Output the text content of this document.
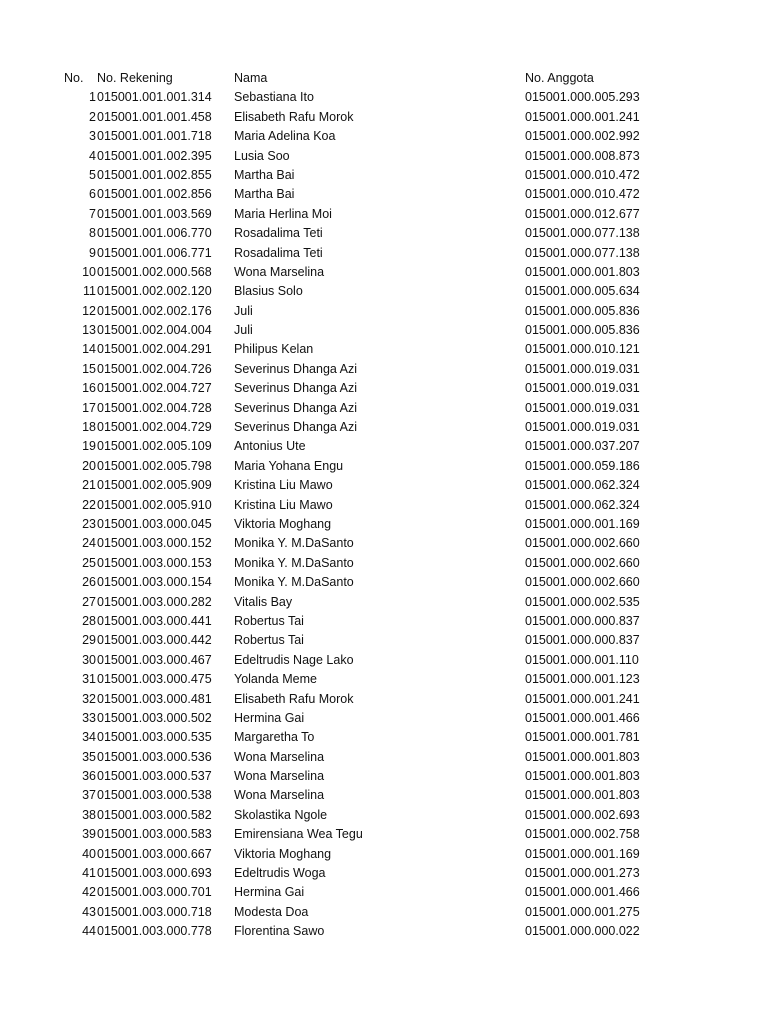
No.	No. Rekening	Nama	No. Anggota
1 015001.001.001.314 Sebastiana Ito	015001.000.005.293
2 015001.001.001.458 Elisabeth Rafu Morok	015001.000.001.241
3 015001.001.001.718 Maria Adelina Koa	015001.000.002.992
4 015001.001.002.395 Lusia Soo	015001.000.008.873
5 015001.001.002.855 Martha Bai	015001.000.010.472
6 015001.001.002.856 Martha Bai	015001.000.010.472
7 015001.001.003.569 Maria Herlina Moi	015001.000.012.677
8 015001.001.006.770 Rosadalima Teti	015001.000.077.138
9 015001.001.006.771 Rosadalima Teti	015001.000.077.138
10 015001.002.000.568 Wona Marselina	015001.000.001.803
11 015001.002.002.120 Blasius Solo	015001.000.005.634
12 015001.002.002.176 Juli	015001.000.005.836
13 015001.002.004.004 Juli	015001.000.005.836
14 015001.002.004.291 Philipus Kelan	015001.000.010.121
15 015001.002.004.726 Severinus Dhanga Azi	015001.000.019.031
16 015001.002.004.727 Severinus Dhanga Azi	015001.000.019.031
17 015001.002.004.728 Severinus Dhanga Azi	015001.000.019.031
18 015001.002.004.729 Severinus Dhanga Azi	015001.000.019.031
19 015001.002.005.109 Antonius Ute	015001.000.037.207
20 015001.002.005.798 Maria Yohana Engu	015001.000.059.186
21 015001.002.005.909 Kristina Liu Mawo	015001.000.062.324
22 015001.002.005.910 Kristina Liu Mawo	015001.000.062.324
23 015001.003.000.045 Viktoria Moghang	015001.000.001.169
24 015001.003.000.152 Monika Y. M.DaSanto	015001.000.002.660
25 015001.003.000.153 Monika Y. M.DaSanto	015001.000.002.660
26 015001.003.000.154 Monika Y. M.DaSanto	015001.000.002.660
27 015001.003.000.282 Vitalis Bay	015001.000.002.535
28 015001.003.000.441 Robertus Tai	015001.000.000.837
29 015001.003.000.442 Robertus Tai	015001.000.000.837
30 015001.003.000.467 Edeltrudis Nage Lako	015001.000.001.110
31 015001.003.000.475 Yolanda Meme	015001.000.001.123
32 015001.003.000.481 Elisabeth Rafu Morok	015001.000.001.241
33 015001.003.000.502 Hermina Gai	015001.000.001.466
34 015001.003.000.535 Margaretha To	015001.000.001.781
35 015001.003.000.536 Wona Marselina	015001.000.001.803
36 015001.003.000.537 Wona Marselina	015001.000.001.803
37 015001.003.000.538 Wona Marselina	015001.000.001.803
38 015001.003.000.582 Skolastika Ngole	015001.000.002.693
39 015001.003.000.583 Emirensiana Wea Tegu	015001.000.002.758
40 015001.003.000.667 Viktoria Moghang	015001.000.001.169
41 015001.003.000.693 Edeltrudis Woga	015001.000.001.273
42 015001.003.000.701 Hermina Gai	015001.000.001.466
43 015001.003.000.718 Modesta Doa	015001.000.001.275
44 015001.003.000.778 Florentina Sawo	015001.000.000.022
